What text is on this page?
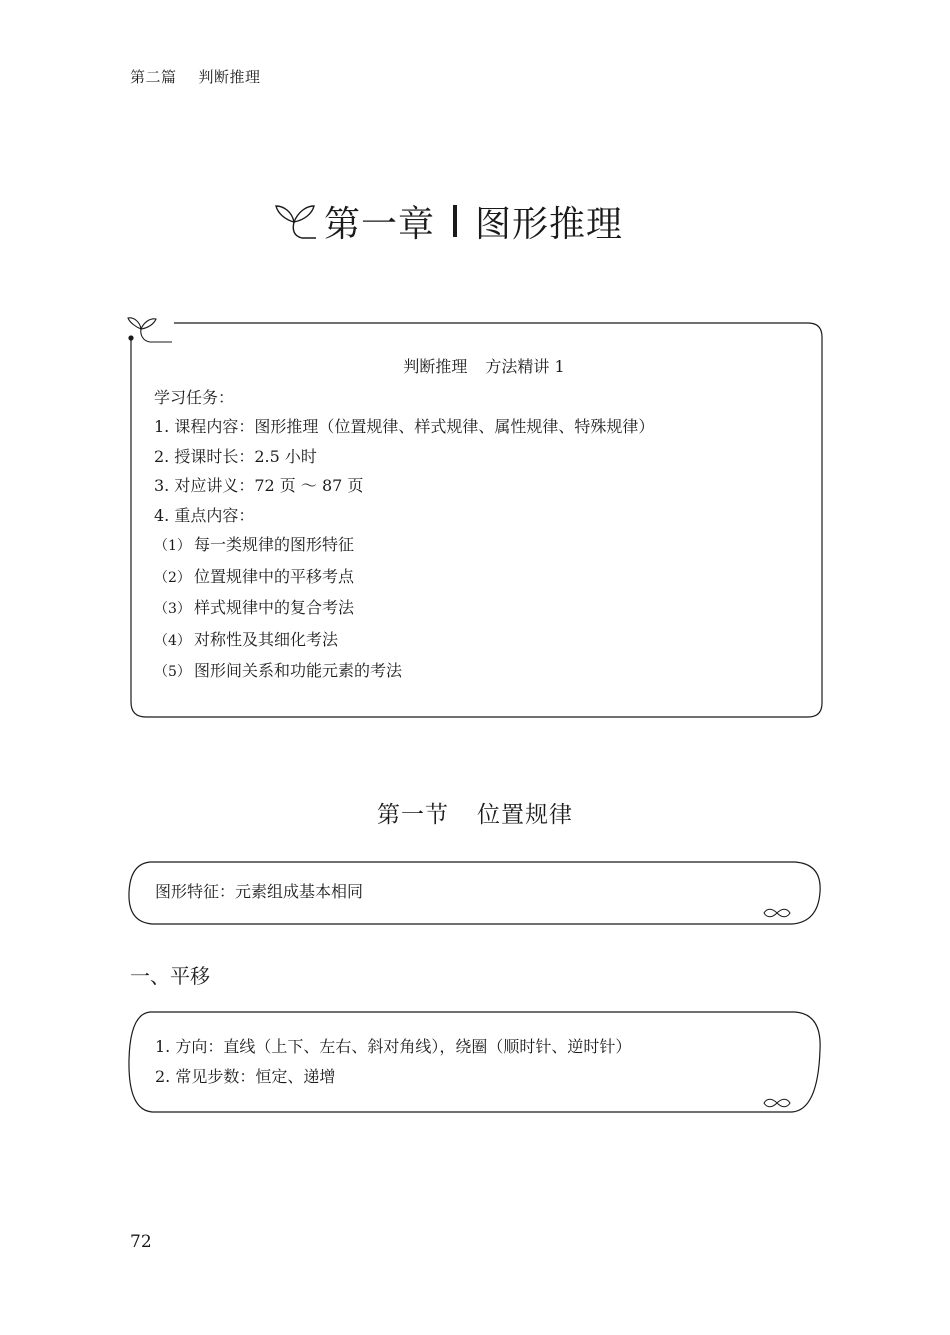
第二篇 判断推理
第一章 图形推理
判断推理 方法精讲 1
学习任务：
1. 课程内容：图形推理（位置规律、样式规律、属性规律、特殊规律）
2. 授课时长：2.5 小时
3. 对应讲义：72 页 ～ 87 页
4. 重点内容：
（1） 每一类规律的图形特征
（2） 位置规律中的平移考点
（3） 样式规律中的复合考法
（4） 对称性及其细化考法
（5） 图形间关系和功能元素的考法
第一节 位置规律
图形特征：元素组成基本相同
一、平移
1. 方向：直线（上下、左右、斜对角线），绕圈（顺时针、逆时针）
2. 常见步数：恒定、递增
72
